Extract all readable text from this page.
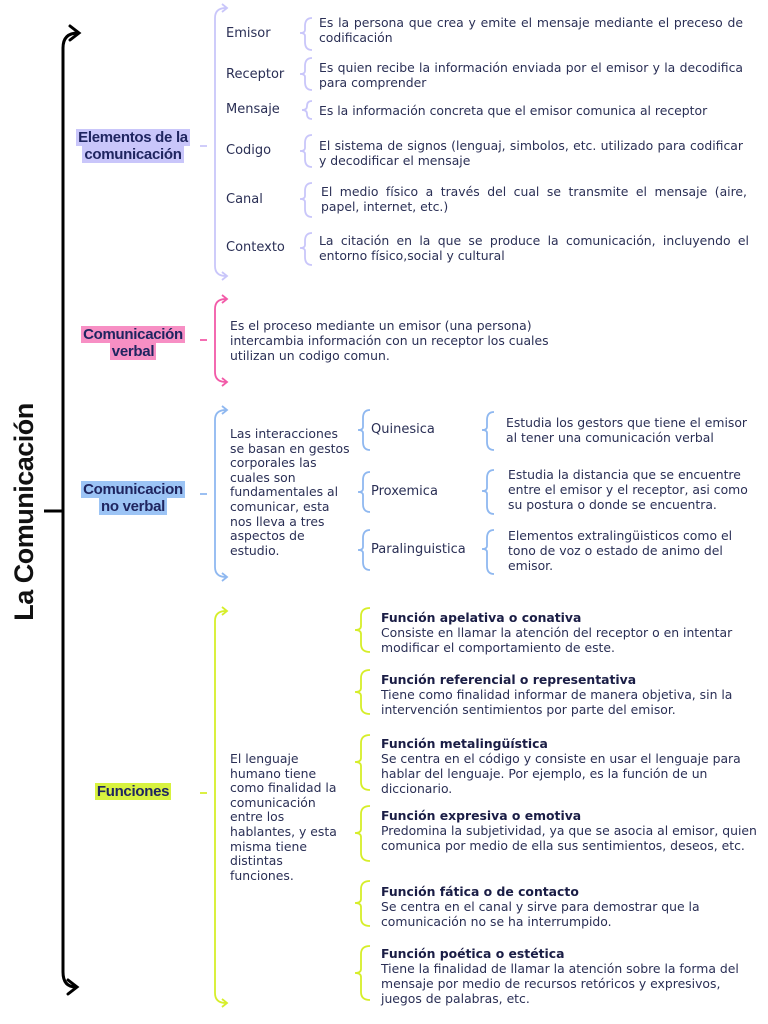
La Comunicación
Elementos de la
comunicación
Comunicación
verbal
Comunicacion
no verbal
Funciones
Emisor
Receptor
Mensaje
Codigo
Canal
Contexto
Es la persona que crea y emite el mensaje mediante el preceso de codificación
Es quien recibe la información enviada por el emisor y la decodifica para comprender
Es la información concreta que el emisor comunica al receptor
El sistema de signos (lenguaj, simbolos, etc. utilizado para codificar y decodificar el mensaje
El medio físico a través del cual se transmite el mensaje (aire, papel, internet, etc.)
La citación en la que se produce la comunicación, incluyendo el entorno físico,social y cultural
Es el proceso mediante un emisor (una persona) intercambia información con un receptor los cuales utilizan un codigo comun.
Las interacciones se basan en gestos corporales las cuales son fundamentales al comunicar, esta nos lleva a tres aspectos de estudio.
Quinesica
Proxemica
Paralinguistica
Estudia los gestors que tiene el emisor al tener una comunicación verbal
Estudia la distancia que se encuentre entre el emisor y el receptor, asi como su postura o donde se encuentra.
Elementos extralingüisticos como el tono de voz o estado de animo del emisor.
El lenguaje humano tiene como finalidad la comunicación entre los hablantes, y esta misma tiene distintas funciones.
Función apelativa o conativa
Consiste en llamar la atención del receptor o en intentar modificar el comportamiento de este.
Función referencial o representativa
Tiene como finalidad informar de manera objetiva, sin la intervención sentimientos por parte del emisor.
Función metalingüística
Se centra en el código y consiste en usar el lenguaje para hablar del lenguaje. Por ejemplo, es la función de un diccionario.
Función expresiva o emotiva
Predomina la subjetividad, ya que se asocia al emisor, quien comunica por medio de ella sus sentimientos, deseos, etc.
Función fática o de contacto
Se centra en el canal y sirve para demostrar que la comunicación no se ha interrumpido.
Función poética o estética
Tiene la finalidad de llamar la atención sobre la forma del mensaje por medio de recursos retóricos y expresivos, juegos de palabras, etc.
